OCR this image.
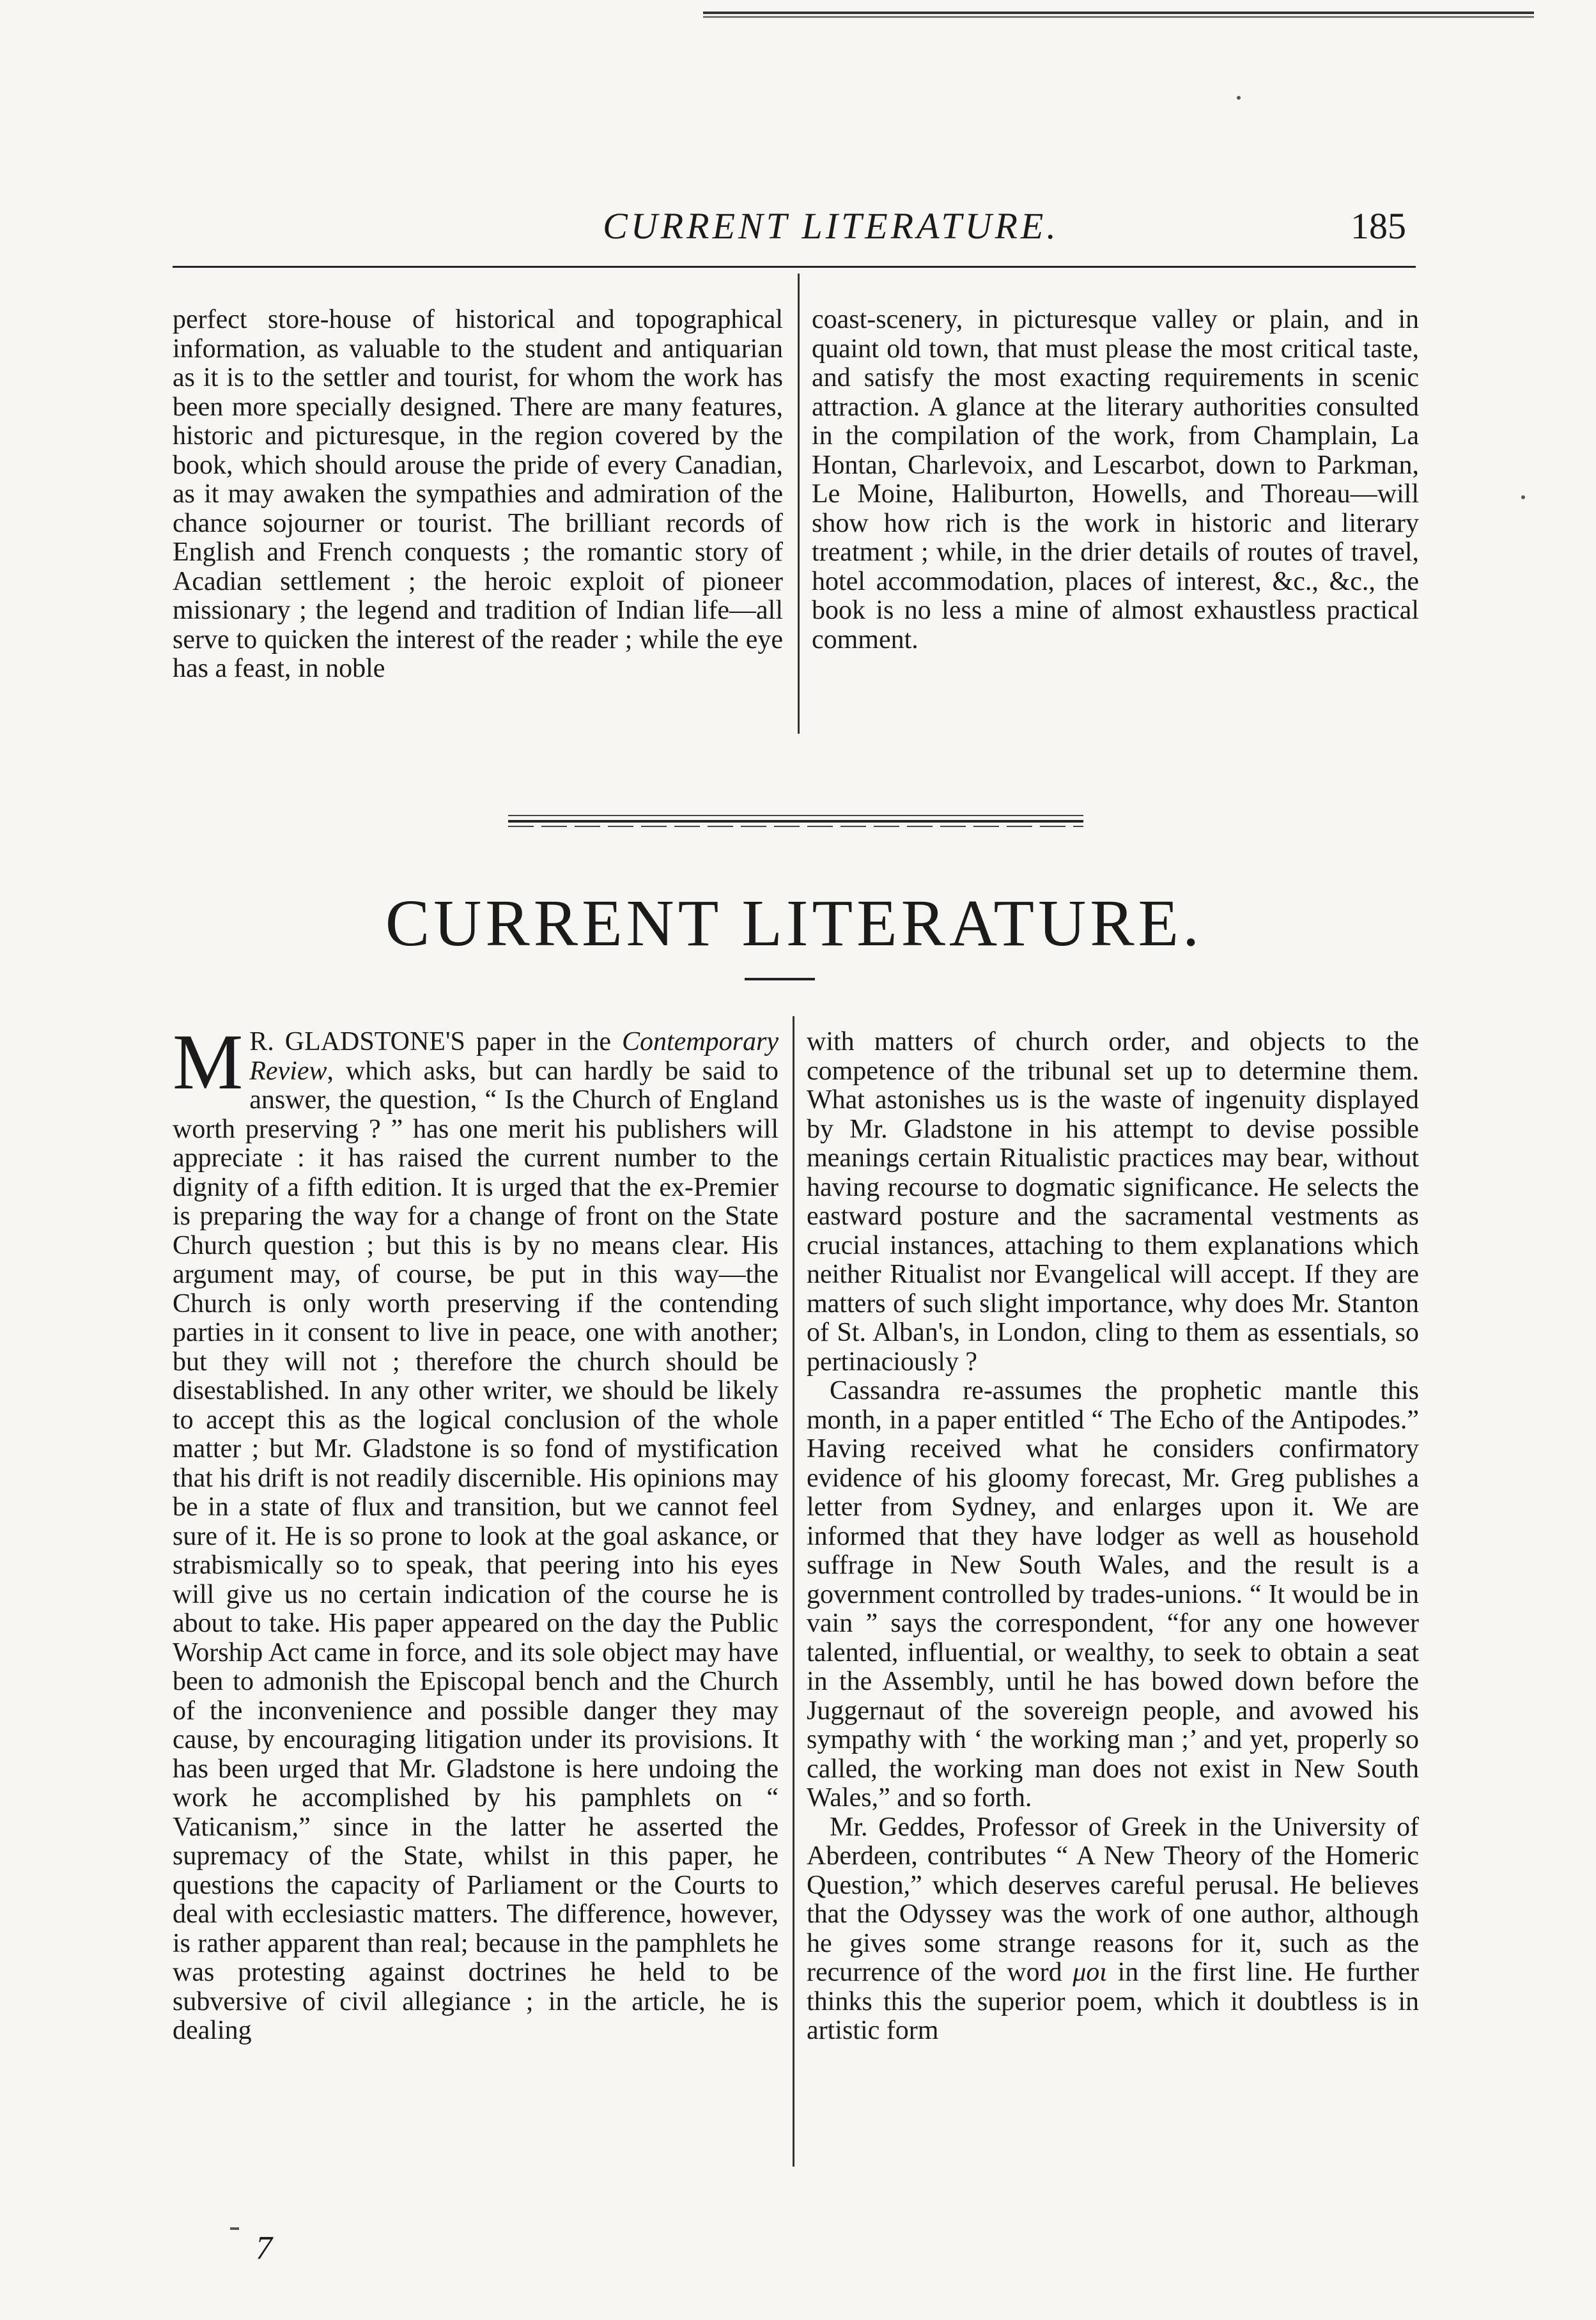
CURRENT LITERATURE.	185

perfect store-house of historical and topographical information, as valuable to the student and antiquarian as it is to the settler and tourist, for whom the work has been more specially designed. There are many features, historic and picturesque, in the region covered by the book, which should arouse the pride of every Canadian, as it may awaken the sympathies and admiration of the chance sojourner or tourist. The brilliant records of English and French conquests ; the romantic story of Acadian settlement ; the heroic exploit of pioneer missionary ; the legend and tradition of Indian life—all serve to quicken the interest of the reader ; while the eye has a feast, in noble

coast-scenery, in picturesque valley or plain, and in quaint old town, that must please the most critical taste, and satisfy the most exacting requirements in scenic attraction. A glance at the literary authorities consulted in the compilation of the work, from Champlain, La Hontan, Charlevoix, and Lescarbot, down to Parkman, Le Moine, Haliburton, Howells, and Thoreau—will show how rich is the work in historic and literary treatment ; while, in the drier details of routes of travel, hotel accommodation, places of interest, &c., &c., the book is no less a mine of almost exhaustless practical comment.

CURRENT LITERATURE.

M R. GLADSTONE'S paper in the Contemporary Review, which asks, but can hardly be said to answer, the question, “ Is the Church of England worth preserving ? ” has one merit his publishers will appreciate : it has raised the current number to the dignity of a fifth edition. It is urged that the ex-Premier is preparing the way for a change of front on the State Church question ; but this is by no means clear. His argument may, of course, be put in this way—the Church is only worth preserving if the contending parties in it consent to live in peace, one with another; but they will not ; therefore the church should be disestablished. In any other writer, we should be likely to accept this as the logical conclusion of the whole matter ; but Mr. Gladstone is so fond of mystification that his drift is not readily discernible. His opinions may be in a state of flux and transition, but we cannot feel sure of it. He is so prone to look at the goal askance, or strabismically so to speak, that peering into his eyes will give us no certain indication of the course he is about to take. His paper appeared on the day the Public Worship Act came in force, and its sole object may have been to admonish the Episcopal bench and the Church of the inconvenience and possible danger they may cause, by encouraging litigation under its provisions. It has been urged that Mr. Gladstone is here undoing the work he accomplished by his pamphlets on “ Vaticanism,” since in the latter he asserted the supremacy of the State, whilst in this paper, he questions the capacity of Parliament or the Courts to deal with ecclesiastic matters. The difference, however, is rather apparent than real; because in the pamphlets he was protesting against doctrines he held to be subversive of civil allegiance ; in the article, he is dealing

with matters of church order, and objects to the competence of the tribunal set up to determine them. What astonishes us is the waste of ingenuity displayed by Mr. Gladstone in his attempt to devise possible meanings certain Ritualistic practices may bear, without having recourse to dogmatic significance. He selects the eastward posture and the sacramental vestments as crucial instances, attaching to them explanations which neither Ritualist nor Evangelical will accept. If they are matters of such slight importance, why does Mr. Stanton of St. Alban's, in London, cling to them as essentials, so pertinaciously ?

Cassandra re-assumes the prophetic mantle this month, in a paper entitled “ The Echo of the Antipodes.” Having received what he considers confirmatory evidence of his gloomy forecast, Mr. Greg publishes a letter from Sydney, and enlarges upon it. We are informed that they have lodger as well as household suffrage in New South Wales, and the result is a government controlled by trades-unions. “ It would be in vain ” says the correspondent, “for any one however talented, influential, or wealthy, to seek to obtain a seat in the Assembly, until he has bowed down before the Juggernaut of the sovereign people, and avowed his sympathy with ‘ the working man ;’ and yet, properly so called, the working man does not exist in New South Wales,” and so forth.

Mr. Geddes, Professor of Greek in the University of Aberdeen, contributes “ A New Theory of the Homeric Question,” which deserves careful perusal. He believes that the Odyssey was the work of one author, although he gives some strange reasons for it, such as the recurrence of the word μοι in the first line. He further thinks this the superior poem, which it doubtless is in artistic form

7
